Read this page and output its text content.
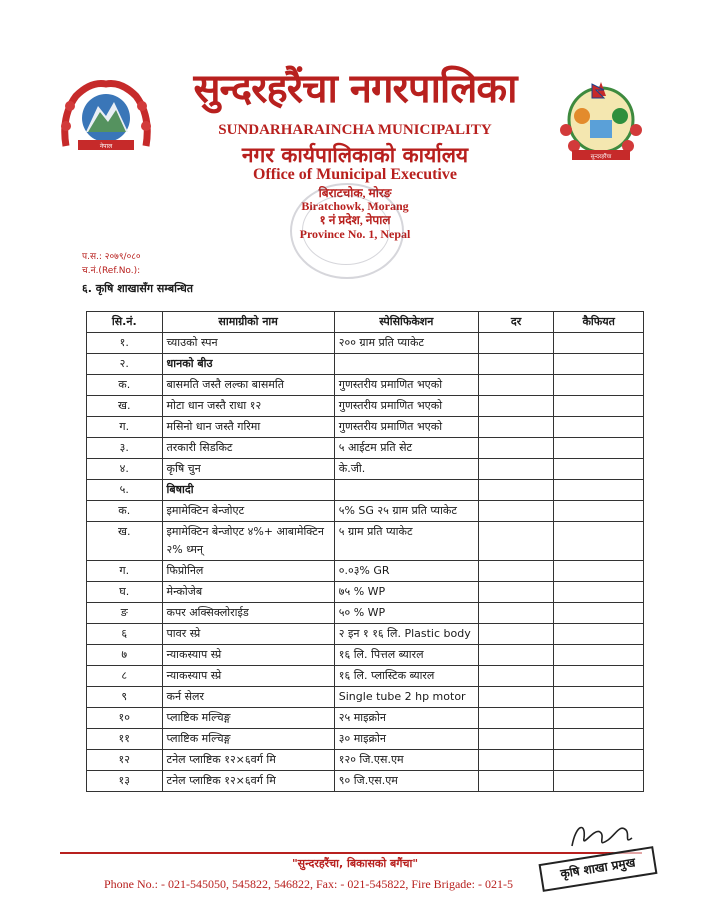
नेपाल
सुन्दरहरैंचा
सुन्दरहरैंचा नगरपालिका
SUNDARHARAINCHA MUNICIPALITY
नगर कार्यपालिकाको कार्यालय
Office of Municipal Executive
बिराटचोक, मोरङ
Biratchowk, Morang
१ नं प्रदेश, नेपाल
Province No. 1, Nepal
प.स.: २०७९/०८०
च.नं.(Ref.No.):
६. कृषि शाखासँग सम्बन्धित
सि.नं.	सामाग्रीको नाम	स्पेसिफिकेशन	दर	कैफियत
१.	च्याउको स्पन	२०० ग्राम प्रति प्याकेट		
२.	धानको बीउ			
क.	बासमति जस्तै लल्का बासमति	गुणस्तरीय प्रमाणित भएको		
ख.	मोटा धान जस्तै राधा १२	गुणस्तरीय प्रमाणित भएको		
ग.	मसिनो धान जस्तै गरिमा	गुणस्तरीय प्रमाणित भएको		
३.	तरकारी सिडकिट	५ आईटम प्रति सेट		
४.	कृषि चुन	के.जी.		
५.	बिषादी			
क.	इमामेक्टिन बेन्जोएट	५% SG २५ ग्राम प्रति प्याकेट		
ख.	इमामेक्टिन बेन्जोएट ४%+ आबामेक्टिन २% ध्मन्	५ ग्राम प्रति प्याकेट		
ग.	फिप्रोनिल	०.०३% GR		
घ.	मेन्कोजेब	७५ % WP		
ङ	कपर अक्सिक्लोराईड	५० % WP		
६	पावर स्प्रे	२ इन १ १६ लि. Plastic body		
७	न्याकस्याप स्प्रे	१६ लि. पित्तल ब्यारल		
८	न्याकस्याप स्प्रे	१६ लि. प्लास्टिक ब्यारल		
९	कर्न सेलर	Single tube 2 hp motor		
१०	प्लाष्टिक मल्चिङ्ग	२५ माइक्रोन		
११	प्लाष्टिक मल्चिङ्ग	३० माइक्रोन		
१२	टनेल प्लाष्टिक १२×६वर्ग मि	१२० जि.एस.एम		
१३	टनेल प्लाष्टिक १२×६वर्ग मि	९० जि.एस.एम		
"सुन्दरहरैंचा, बिकासको बगैंचा"
Phone No.: - 021-545050, 545822, 546822, Fax: - 021-545822, Fire Brigade: - 021-5
कृषि शाखा प्रमुख
